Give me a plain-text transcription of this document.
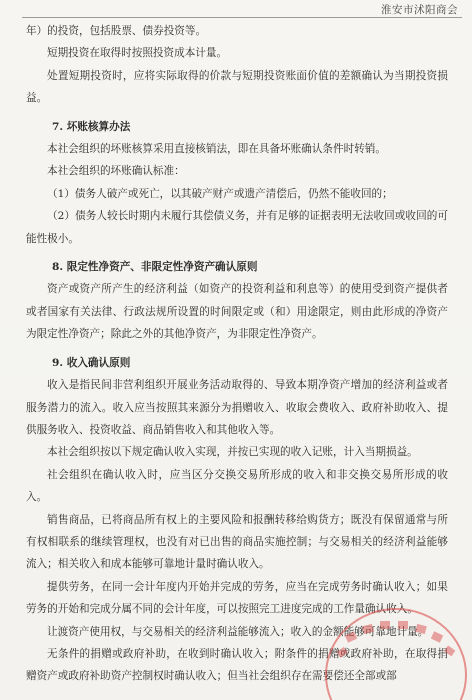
淮安市沭阳商会

年）的投资，包括股票、债券投资等。

短期投资在取得时按照投资成本计量。

处置短期投资时，应将实际取得的价款与短期投资账面价值的差额确认为当期投资损益。

7. 坏账核算办法

本社会组织的坏账核算采用直接核销法，即在具备坏账确认条件时转销。

本社会组织的坏账确认标准：

（1）债务人破产或死亡，以其破产财产或遗产清偿后，仍然不能收回的；

（2）债务人较长时期内未履行其偿债义务，并有足够的证据表明无法收回或收回的可能性极小。

8. 限定性净资产、非限定性净资产确认原则

资产或资产所产生的经济利益（如资产的投资利益和利息等）的使用受到资产提供者或者国家有关法律、行政法规所设置的时间限定或（和）用途限定，则由此形成的净资产为限定性净资产；除此之外的其他净资产，为非限定性净资产。

9. 收入确认原则

收入是指民间非营利组织开展业务活动取得的、导致本期净资产增加的经济利益或者服务潜力的流入。收入应当按照其来源分为捐赠收入、收取会费收入、政府补助收入、提供服务收入、投资收益、商品销售收入和其他收入等。

本社会组织按以下规定确认收入实现，并按已实现的收入记账，计入当期损益。

社会组织在确认收入时，应当区分交换交易所形成的收入和非交换交易所形成的收入。

销售商品，已将商品所有权上的主要风险和报酬转移给购货方；既没有保留通常与所有权相联系的继续管理权，也没有对已出售的商品实施控制；与交易相关的经济利益能够流入；相关收入和成本能够可靠地计量时确认收入。

提供劳务，在同一会计年度内开始并完成的劳务，应当在完成劳务时确认收入；如果劳务的开始和完成分属不同的会计年度，可以按照完工进度完成的工作量确认收入。

让渡资产使用权，与交易相关的经济利益能够流入；收入的金额能够可靠地计量。

无条件的捐赠或政府补助，在收到时确认收入；附条件的捐赠或政府补助，在取得捐赠资产或政府补助资产控制权时确认收入；但当社会组织存在需要偿还全部或部
